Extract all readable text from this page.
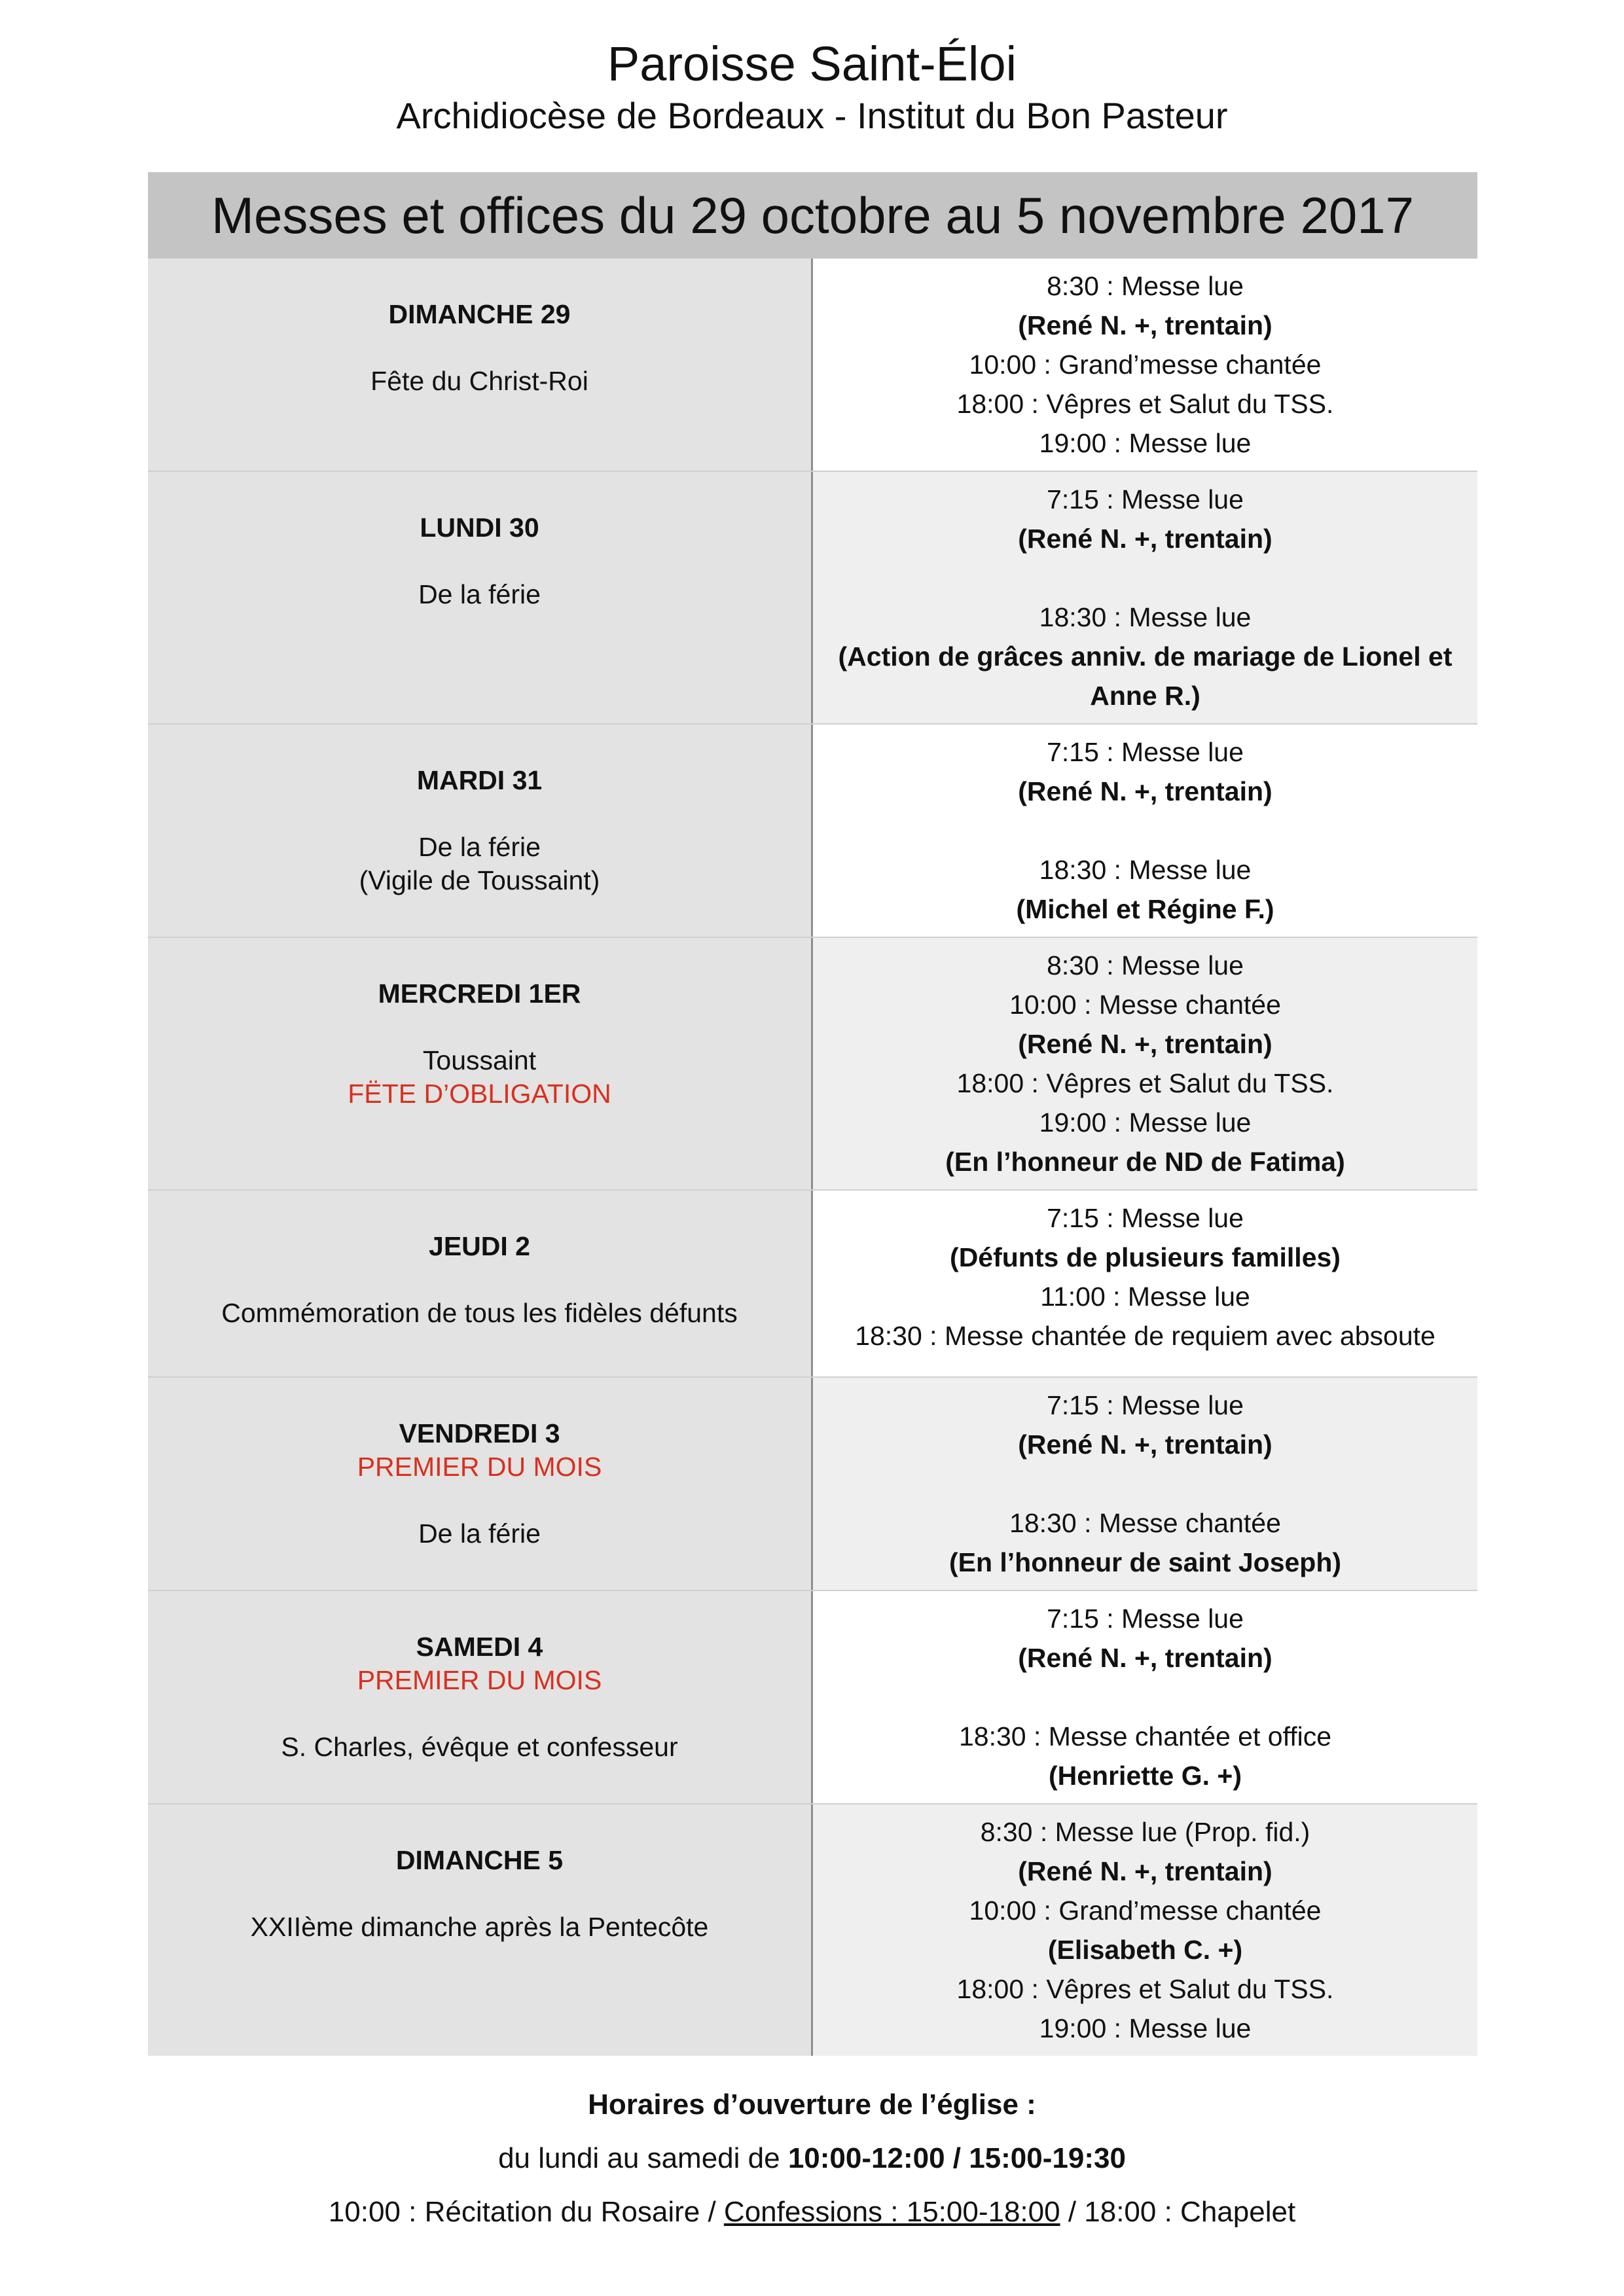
Paroisse Saint-Éloi
Archidiocèse de Bordeaux - Institut du Bon Pasteur
Messes et offices du 29 octobre au 5 novembre 2017
DIMANCHE 29
Fête du Christ-Roi
8:30 : Messe lue
(René N. +, trentain)
10:00 : Grand’messe chantée
18:00 : Vêpres et Salut du TSS.
19:00 : Messe lue
LUNDI 30
De la férie
7:15 : Messe lue
(René N. +, trentain)
18:30 : Messe lue
(Action de grâces anniv. de mariage de Lionel et Anne R.)
MARDI 31
De la férie
(Vigile de Toussaint)
7:15 : Messe lue
(René N. +, trentain)
18:30 : Messe lue
(Michel et Régine F.)
MERCREDI 1ER
Toussaint
FËTE D’OBLIGATION
8:30 : Messe lue
10:00 : Messe chantée
(René N. +, trentain)
18:00 : Vêpres et Salut du TSS.
19:00 : Messe lue
(En l’honneur de ND de Fatima)
JEUDI 2
Commémoration de tous les fidèles défunts
7:15 : Messe lue
(Défunts de plusieurs familles)
11:00 : Messe lue
18:30 : Messe chantée de requiem avec absoute
VENDREDI 3
PREMIER DU MOIS
De la férie
7:15 : Messe lue
(René N. +, trentain)
18:30 : Messe chantée
(En l’honneur de saint Joseph)
SAMEDI 4
PREMIER DU MOIS
S. Charles, évêque et confesseur
7:15 : Messe lue
(René N. +, trentain)
18:30 : Messe chantée et office
(Henriette G. +)
DIMANCHE 5
XXIIème dimanche après la Pentecôte
8:30 : Messe lue (Prop. fid.)
(René N. +, trentain)
10:00 : Grand’messe chantée
(Elisabeth C. +)
18:00 : Vêpres et Salut du TSS.
19:00 : Messe lue
Horaires d’ouverture de l’église :
du lundi au samedi de 10:00-12:00 / 15:00-19:30
10:00 : Récitation du Rosaire / Confessions : 15:00-18:00 / 18:00 : Chapelet
